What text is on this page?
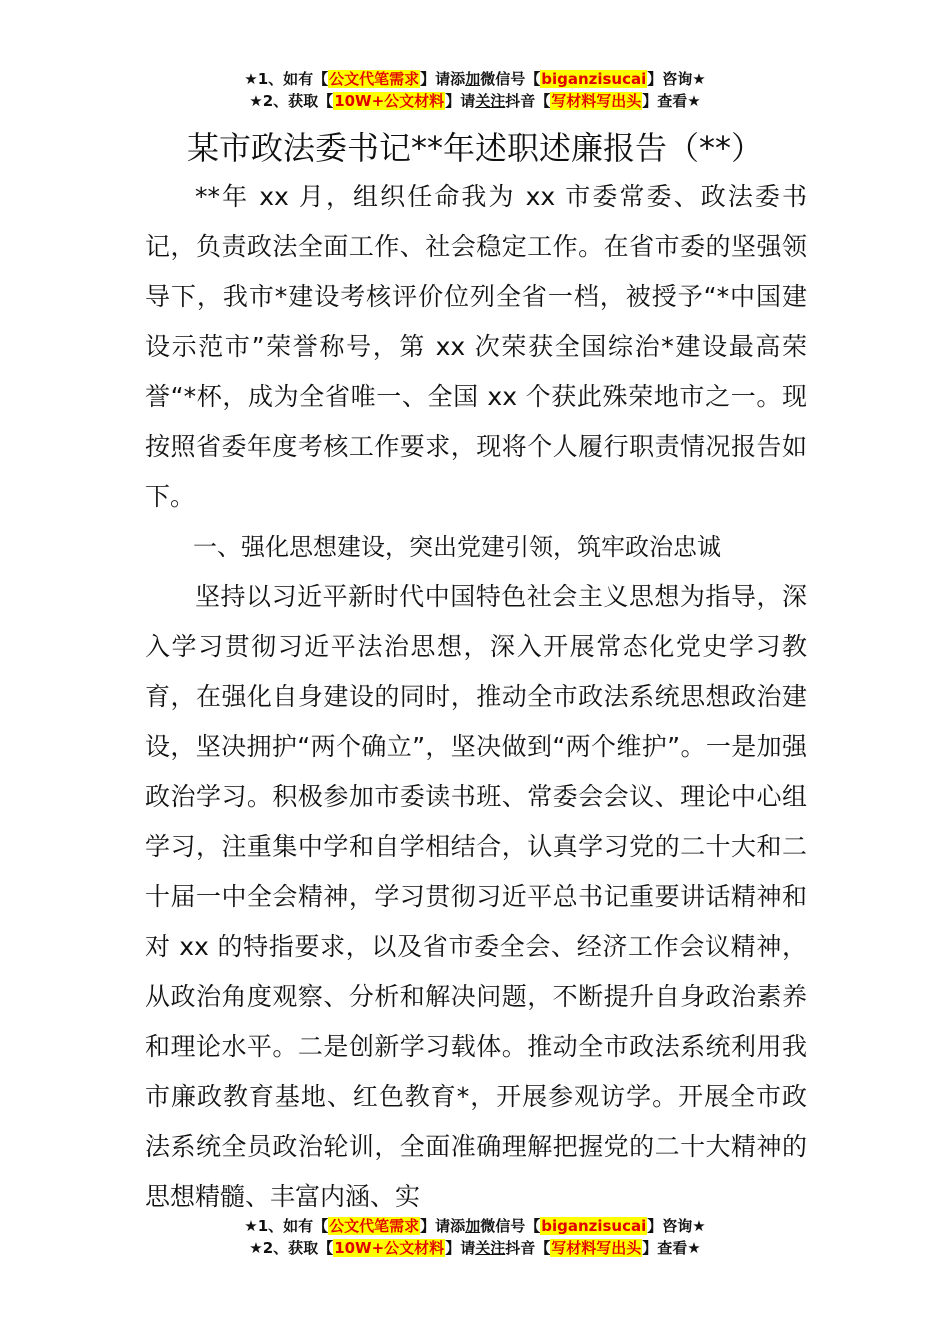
★1、如有【公文代笔需求】请添加微信号【biganzisucai】咨询★
★2、获取【10W+公文材料】请关注抖音【写材料写出头】查看★
某市政法委书记**年述职述廉报告（**）

**年 xx 月，组织任命我为 xx 市委常委、政法委书记，负责政法全面工作、社会稳定工作。在省市委的坚强领导下，我市*建设考核评价位列全省一档，被授予“*中国建设示范市”荣誉称号，第 xx 次荣获全国综治*建设最高荣誉“*杯，成为全省唯一、全国 xx 个获此殊荣地市之一。现按照省委年度考核工作要求，现将个人履行职责情况报告如下。

一、强化思想建设，突出党建引领，筑牢政治忠诚

坚持以习近平新时代中国特色社会主义思想为指导，深入学习贯彻习近平法治思想，深入开展常态化党史学习教育，在强化自身建设的同时，推动全市政法系统思想政治建设，坚决拥护“两个确立”，坚决做到“两个维护”。一是加强政治学习。积极参加市委读书班、常委会会议、理论中心组学习，注重集中学和自学相结合，认真学习党的二十大和二十届一中全会精神，学习贯彻习近平总书记重要讲话精神和对 xx 的特指要求，以及省市委全会、经济工作会议精神，从政治角度观察、分析和解决问题，不断提升自身政治素养和理论水平。二是创新学习载体。推动全市政法系统利用我市廉政教育基地、红色教育*，开展参观访学。开展全市政法系统全员政治轮训，全面准确理解把握党的二十大精神的思想精髓、丰富内涵、实

★1、如有【公文代笔需求】请添加微信号【biganzisucai】咨询★
★2、获取【10W+公文材料】请关注抖音【写材料写出头】查看★
